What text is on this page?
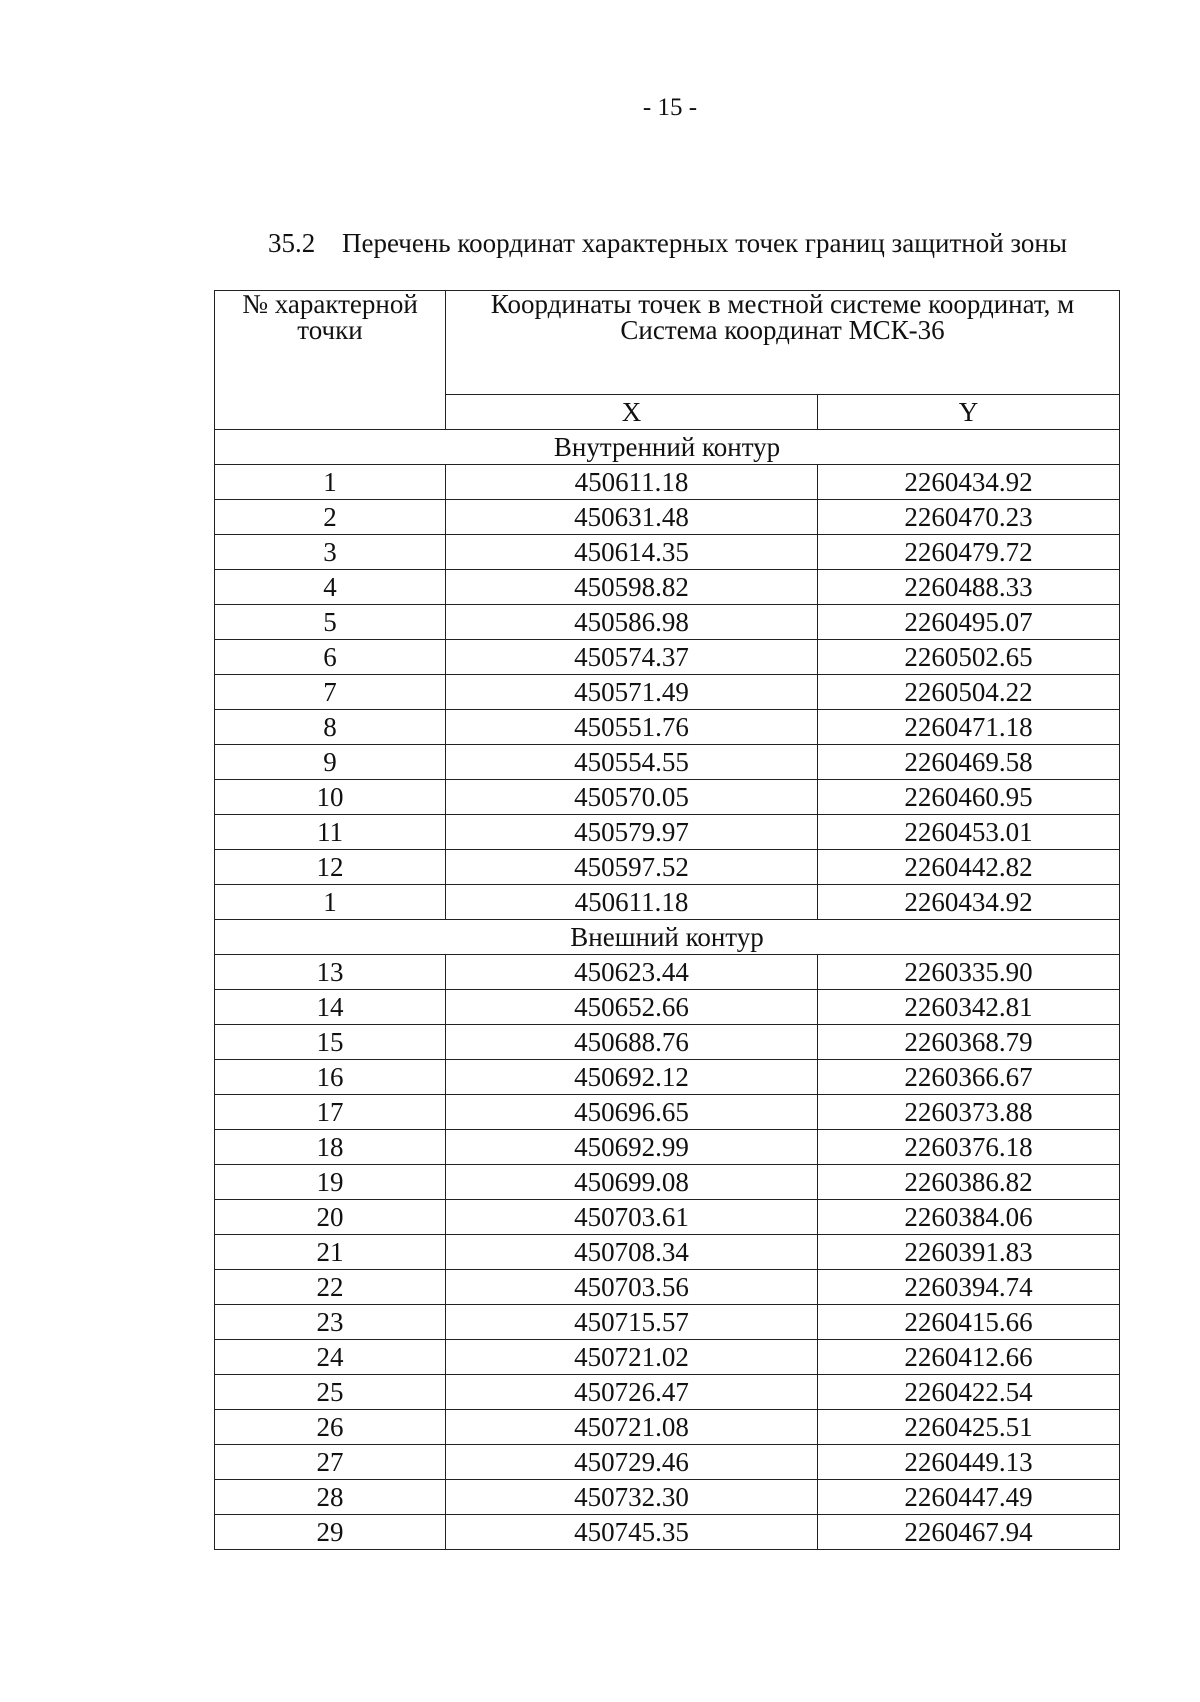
- 15 -
35.2 Перечень координат характерных точек границ защитной зоны
№ характерной
точки	Координаты точек в местной системе координат, м
Система координат МСК-36	

	X	Y
Внутренний контур		
1	450611.18	2260434.92
2	450631.48	2260470.23
3	450614.35	2260479.72
4	450598.82	2260488.33
5	450586.98	2260495.07
6	450574.37	2260502.65
7	450571.49	2260504.22
8	450551.76	2260471.18
9	450554.55	2260469.58
10	450570.05	2260460.95
11	450579.97	2260453.01
12	450597.52	2260442.82
1	450611.18	2260434.92
Внешний контур		
13	450623.44	2260335.90
14	450652.66	2260342.81
15	450688.76	2260368.79
16	450692.12	2260366.67
17	450696.65	2260373.88
18	450692.99	2260376.18
19	450699.08	2260386.82
20	450703.61	2260384.06
21	450708.34	2260391.83
22	450703.56	2260394.74
23	450715.57	2260415.66
24	450721.02	2260412.66
25	450726.47	2260422.54
26	450721.08	2260425.51
27	450729.46	2260449.13
28	450732.30	2260447.49
29	450745.35	2260467.94
